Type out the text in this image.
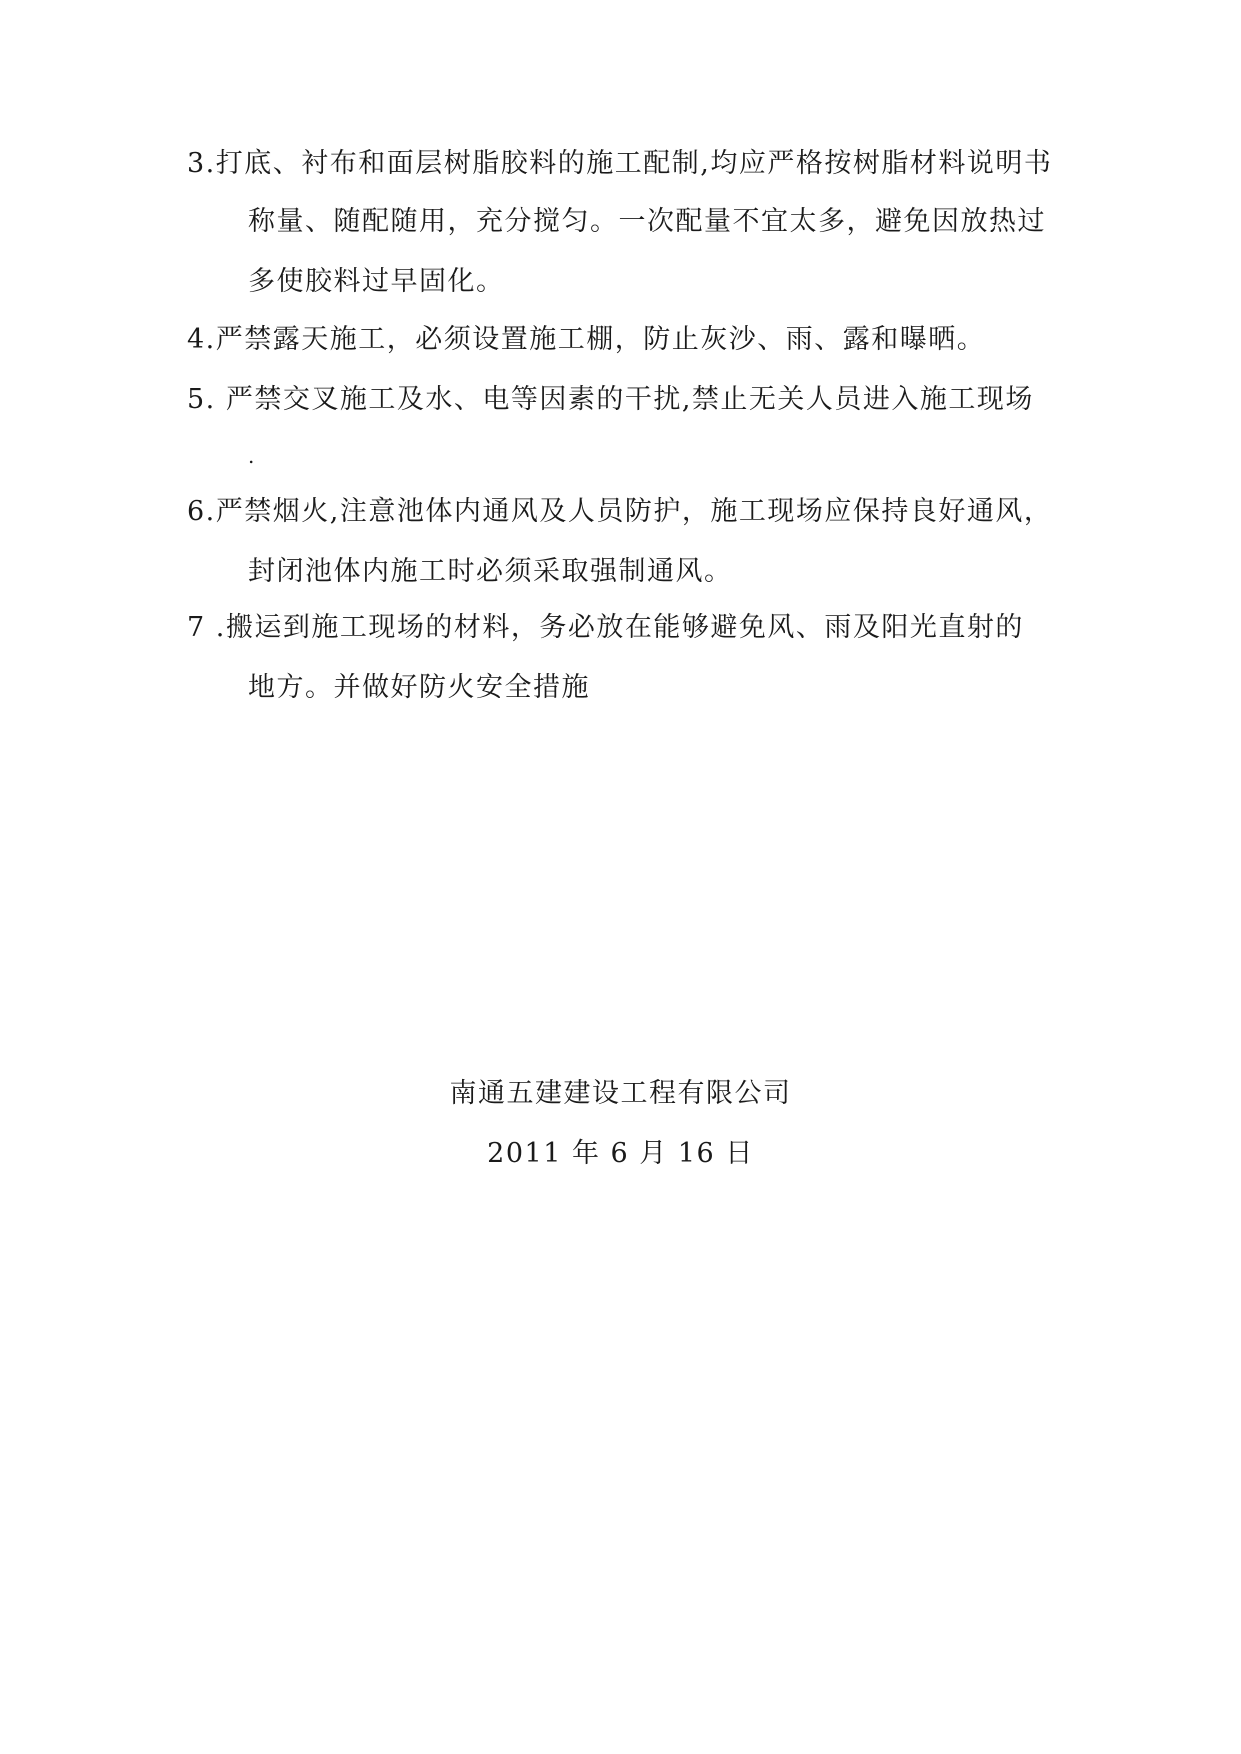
3.打底、衬布和面层树脂胶料的施工配制,均应严格按树脂材料说明书
称量、随配随用，充分搅匀。一次配量不宜太多，避免因放热过
多使胶料过早固化。
4.严禁露天施工，必须设置施工棚，防止灰沙、雨、露和曝晒。
5. 严禁交叉施工及水、电等因素的干扰,禁止无关人员进入施工现场
.
6.严禁烟火,注意池体内通风及人员防护，施工现场应保持良好通风，
封闭池体内施工时必须采取强制通风。
7 .搬运到施工现场的材料，务必放在能够避免风、雨及阳光直射的
地方。并做好防火安全措施
南通五建建设工程有限公司
2011 年 6 月 16 日
